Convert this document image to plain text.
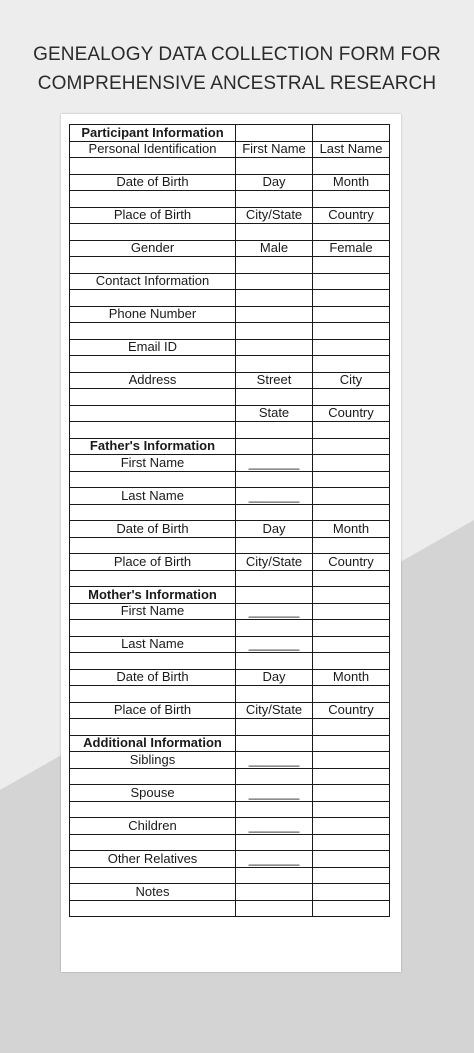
GENEALOGY DATA COLLECTION FORM FOR
COMPREHENSIVE ANCESTRAL RESEARCH
Participant Information		
Personal Identification	First Name	Last Name

Date of Birth	Day	Month

Place of Birth	City/State	Country

Gender	Male	Female

Contact Information		

Phone Number		

Email ID		

Address	Street	City

	State	Country

Father's Information		
First Name	_______	

Last Name	_______	

Date of Birth	Day	Month

Place of Birth	City/State	Country

Mother's Information		
First Name	_______	

Last Name	_______	

Date of Birth	Day	Month

Place of Birth	City/State	Country

Additional Information		
Siblings	_______	

Spouse	_______	

Children	_______	

Other Relatives	_______	

Notes		
